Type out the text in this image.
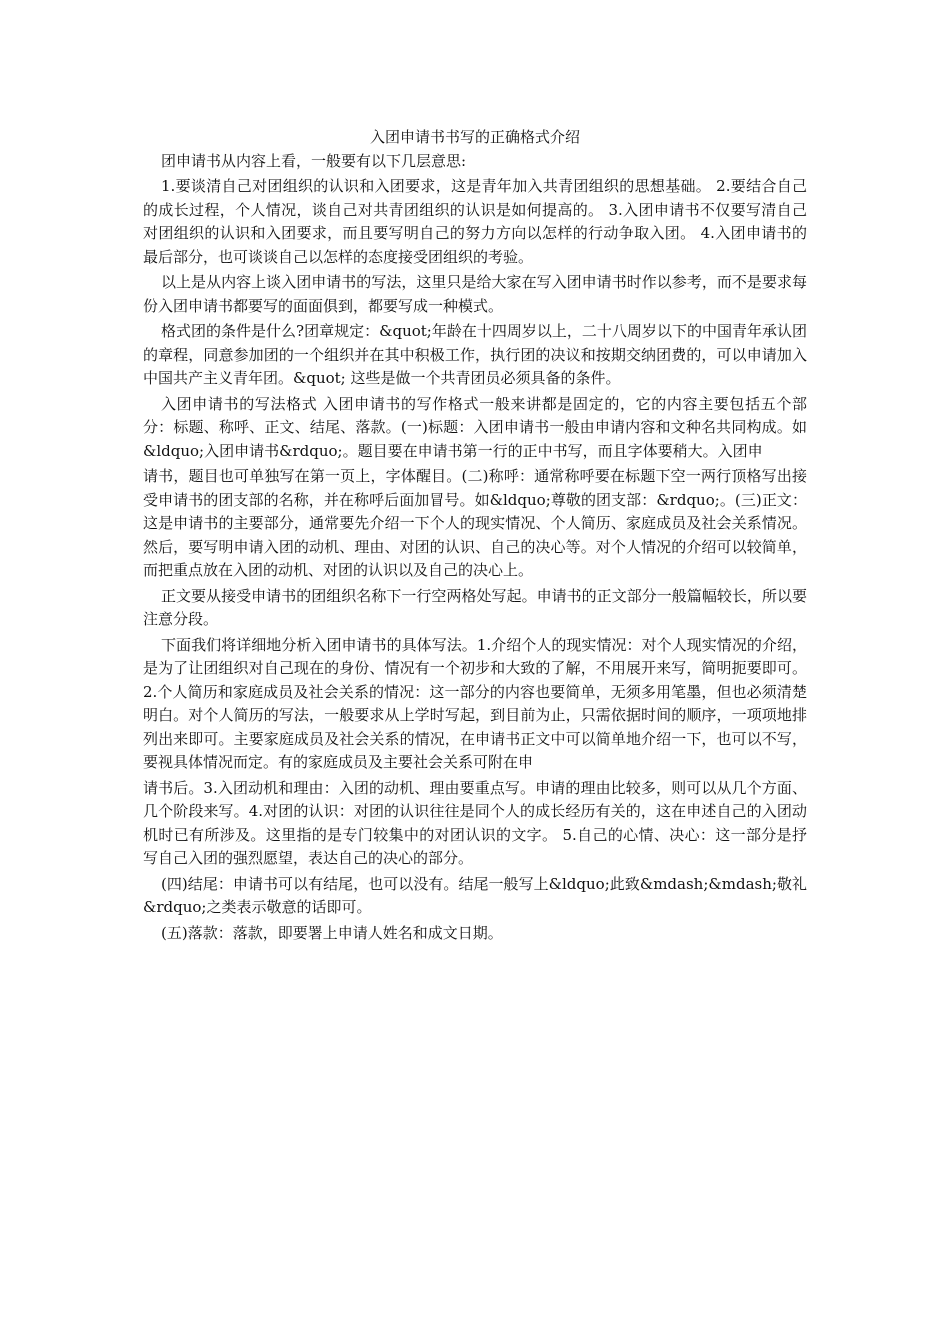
入团申请书书写的正确格式介绍

团申请书从内容上看，一般要有以下几层意思:

1.要谈清自己对团组织的认识和入团要求，这是青年加入共青团组织的思想基础。 2.要结合自己的成长过程，个人情况，谈自己对共青团组织的认识是如何提高的。 3.入团申请书不仅要写清自己对团组织的认识和入团要求，而且要写明自己的努力方向以怎样的行动争取入团。 4.入团申请书的最后部分，也可谈谈自己以怎样的态度接受团组织的考验。

以上是从内容上谈入团申请书的写法，这里只是给大家在写入团申请书时作以参考，而不是要求每份入团申请书都要写的面面俱到，都要写成一种模式。

格式团的条件是什么?团章规定：&quot;年龄在十四周岁以上，二十八周岁以下的中国青年承认团的章程，同意参加团的一个组织并在其中积极工作，执行团的决议和按期交纳团费的，可以申请加入中国共产主义青年团。&quot; 这些是做一个共青团员必须具备的条件。

入团申请书的写法格式 入团申请书的写作格式一般来讲都是固定的，它的内容主要包括五个部分：标题、称呼、正文、结尾、落款。(一)标题：入团申请书一般由申请内容和文种名共同构成。如&ldquo;入团申请书&rdquo;。题目要在申请书第一行的正中书写，而且字体要稍大。入团申

请书，题目也可单独写在第一页上，字体醒目。(二)称呼：通常称呼要在标题下空一两行顶格写出接受申请书的团支部的名称，并在称呼后面加冒号。如&ldquo;尊敬的团支部：&rdquo;。(三)正文：这是申请书的主要部分，通常要先介绍一下个人的现实情况、个人简历、家庭成员及社会关系情况。然后，要写明申请入团的动机、理由、对团的认识、自己的决心等。对个人情况的介绍可以较简单，而把重点放在入团的动机、对团的认识以及自己的决心上。

正文要从接受申请书的团组织名称下一行空两格处写起。申请书的正文部分一般篇幅较长，所以要注意分段。

下面我们将详细地分析入团申请书的具体写法。1.介绍个人的现实情况：对个人现实情况的介绍，是为了让团组织对自己现在的身份、情况有一个初步和大致的了解，不用展开来写，简明扼要即可。2.个人简历和家庭成员及社会关系的情况：这一部分的内容也要简单，无须多用笔墨，但也必须清楚明白。对个人简历的写法，一般要求从上学时写起，到目前为止，只需依据时间的顺序，一项项地排列出来即可。主要家庭成员及社会关系的情况，在申请书正文中可以简单地介绍一下，也可以不写，要视具体情况而定。有的家庭成员及主要社会关系可附在申

请书后。3.入团动机和理由：入团的动机、理由要重点写。申请的理由比较多，则可以从几个方面、几个阶段来写。4.对团的认识：对团的认识往往是同个人的成长经历有关的，这在申述自己的入团动机时已有所涉及。这里指的是专门较集中的对团认识的文字。 5.自己的心情、决心：这一部分是抒写自己入团的强烈愿望，表达自己的决心的部分。

(四)结尾：申请书可以有结尾，也可以没有。结尾一般写上&ldquo;此致&mdash;&mdash;敬礼&rdquo;之类表示敬意的话即可。

(五)落款：落款，即要署上申请人姓名和成文日期。
